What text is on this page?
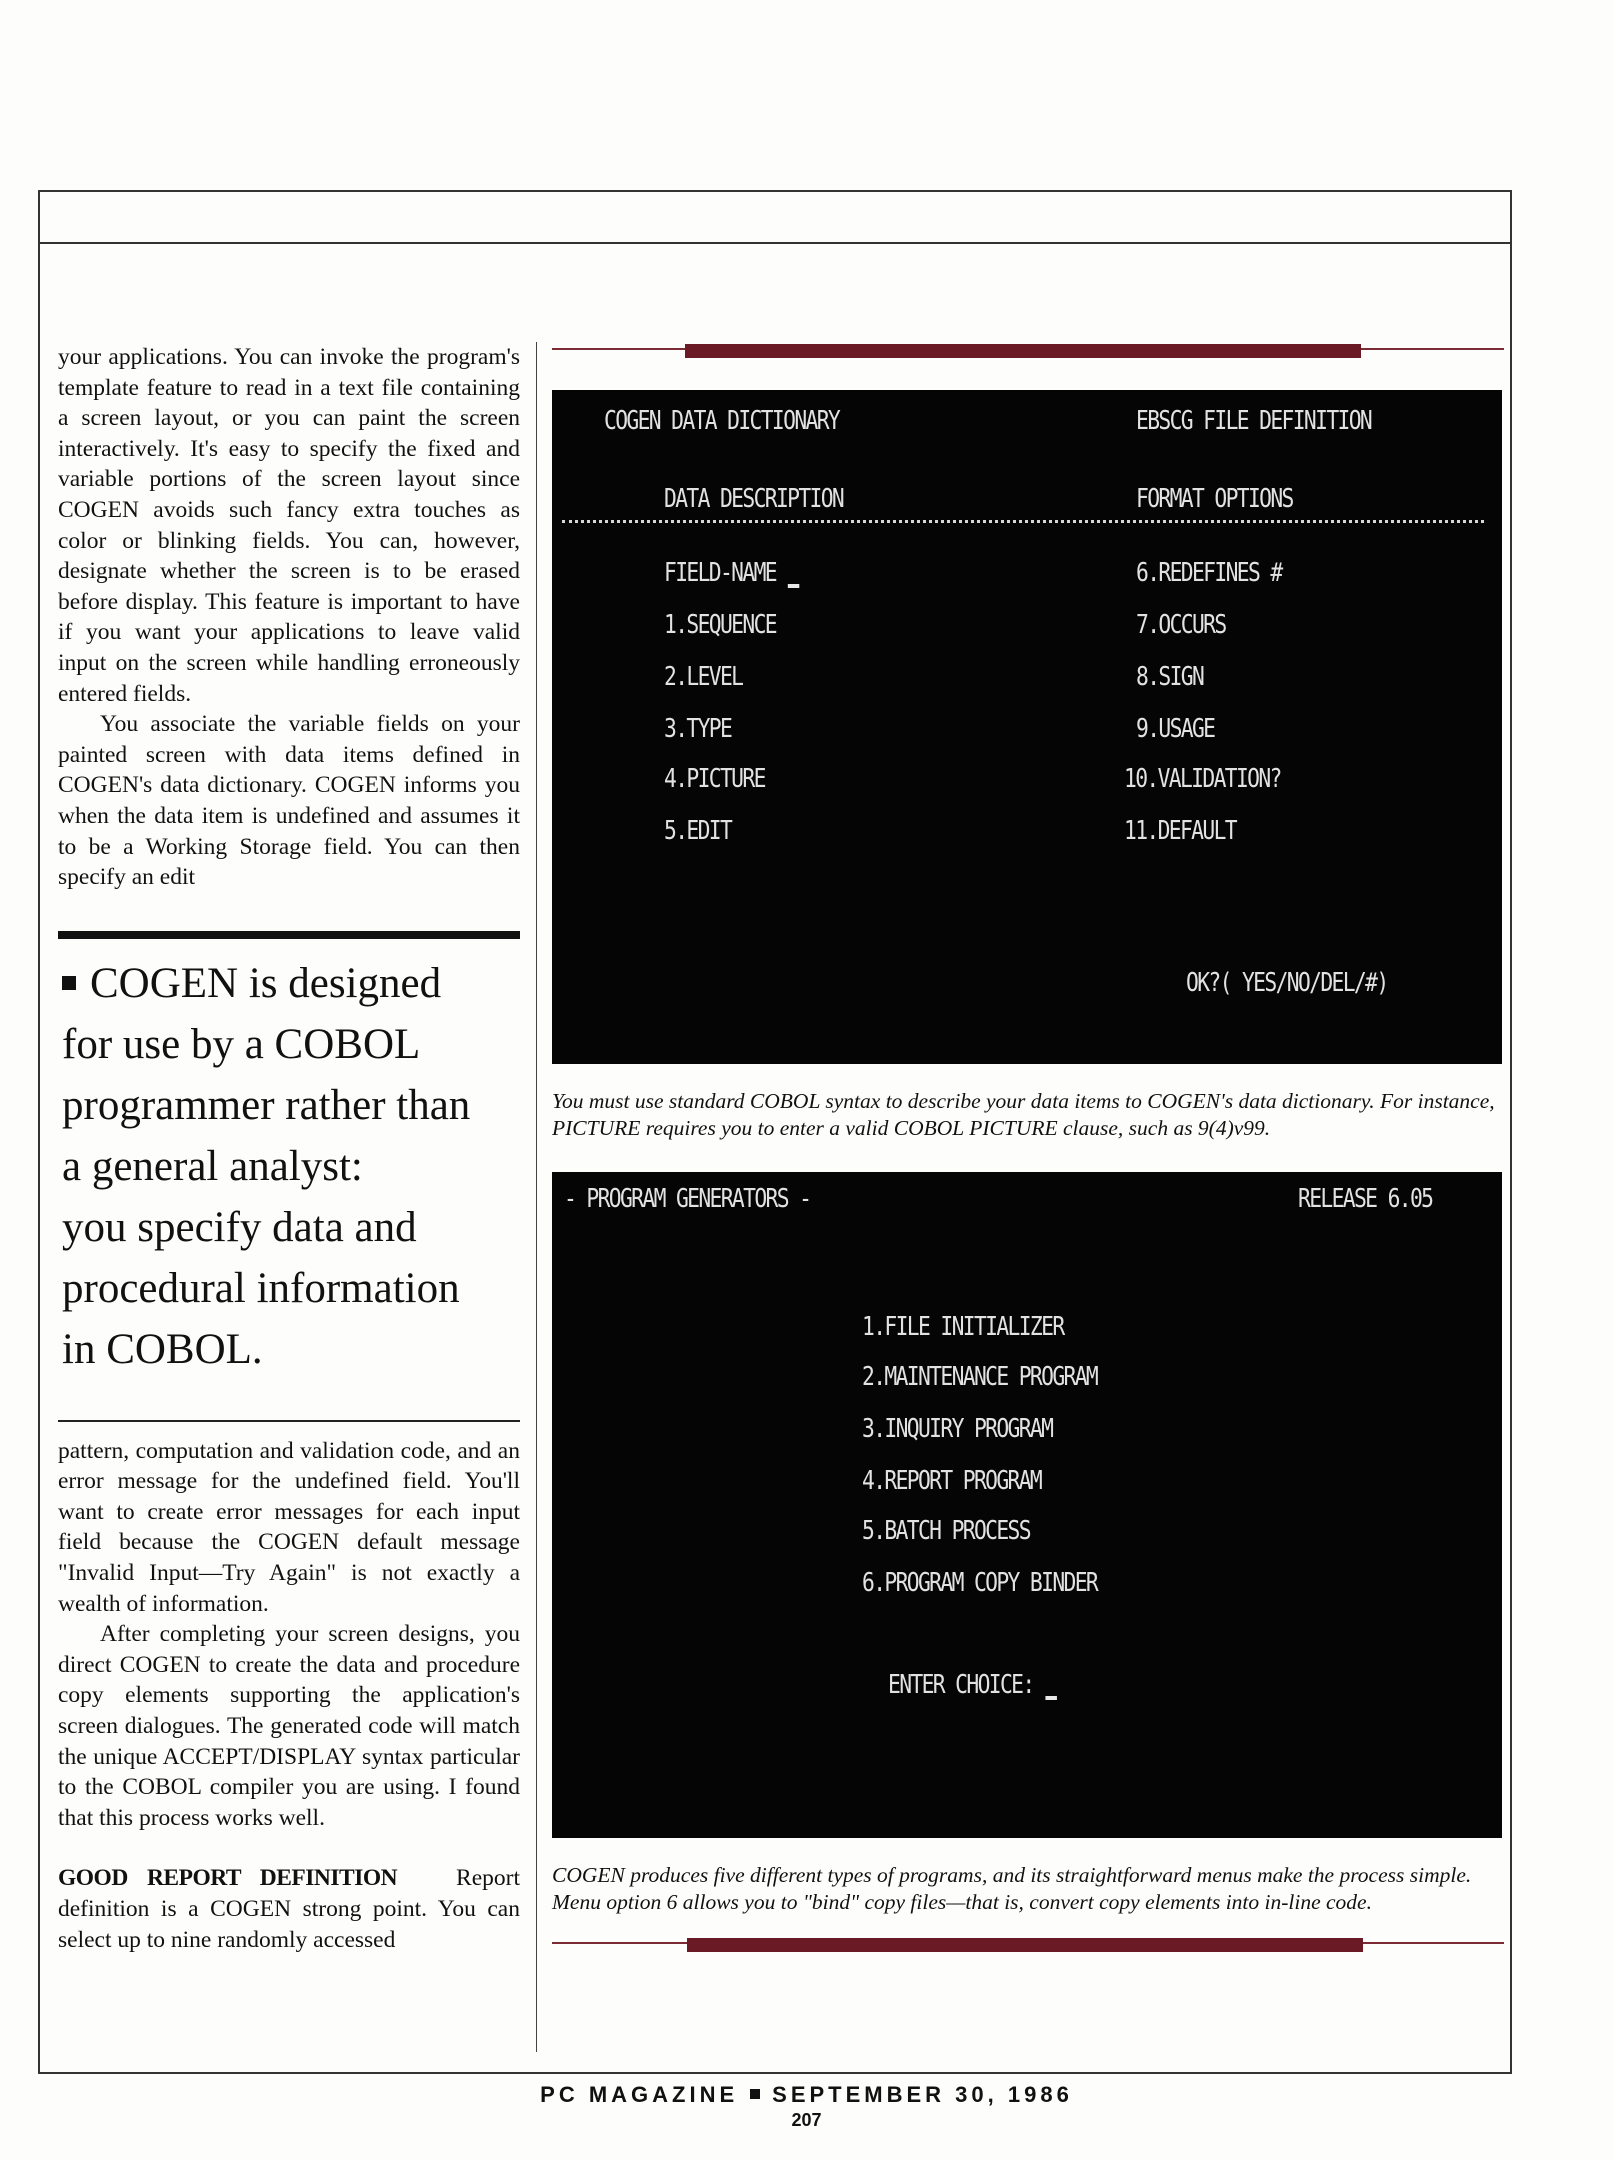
your applications. You can invoke the program's template feature to read in a text file containing a screen layout, or you can paint the screen interactively. It's easy to specify the fixed and variable portions of the screen layout since COGEN avoids such fancy extra touches as color or blinking fields. You can, however, designate whether the screen is to be erased before display. This feature is important to have if you want your applications to leave valid input on the screen while handling erroneously entered fields.

You associate the variable fields on your painted screen with data items defined in COGEN's data dictionary. COGEN informs you when the data item is undefined and assumes it to be a Working Storage field. You can then specify an edit

COGEN is designed
for use by a COBOL
programmer rather than
a general analyst:
you specify data and
procedural information
in COBOL.

pattern, computation and validation code, and an error message for the undefined field. You'll want to create error messages for each input field because the COGEN default message "Invalid Input—Try Again" is not exactly a wealth of information.

After completing your screen designs, you direct COGEN to create the data and procedure copy elements supporting the application's screen dialogues. The generated code will match the unique ACCEPT/DISPLAY syntax particular to the COBOL compiler you are using. I found that this process works well.

GOOD REPORT DEFINITION	Report definition is a COGEN strong point. You can select up to nine randomly accessed

COGEN DATA DICTIONARY	EBSCG FILE DEFINITION
DATA DESCRIPTION	FORMAT OPTIONS
FIELD-NAME
1.SEQUENCE
2.LEVEL
3.TYPE
4.PICTURE
5.EDIT
6.REDEFINES #
7.OCCURS
8.SIGN
9.USAGE
10.VALIDATION?
11.DEFAULT
OK?( YES/NO/DEL/#)
You must use standard COBOL syntax to describe your data items to COGEN's data dictionary. For instance, PICTURE requires you to enter a valid COBOL PICTURE clause, such as 9(4)v99.
- PROGRAM GENERATORS -	RELEASE 6.05
1.FILE INITIALIZER
2.MAINTENANCE PROGRAM
3.INQUIRY PROGRAM
4.REPORT PROGRAM
5.BATCH PROCESS
6.PROGRAM COPY BINDER
ENTER CHOICE:
COGEN produces five different types of programs, and its straightforward menus make the process simple. Menu option 6 allows you to "bind" copy files—that is, convert copy elements into in-line code.
PC MAGAZINE SEPTEMBER 30, 1986
207
